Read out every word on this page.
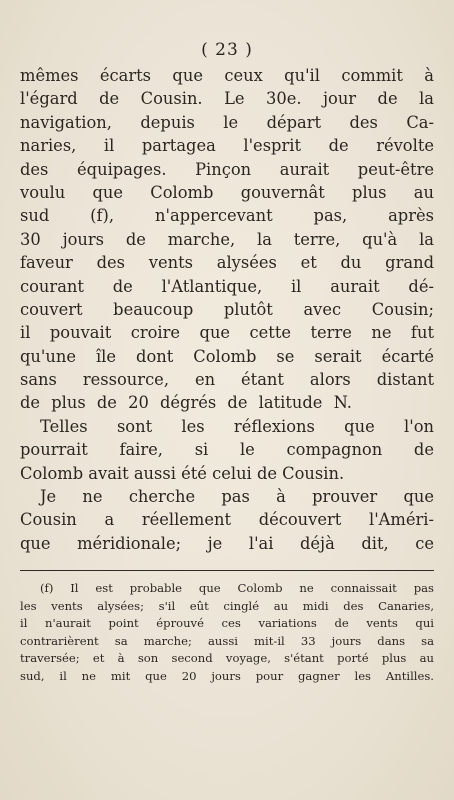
( 23 )
mêmes écarts que ceux qu'il commit à
l'égard de Cousin. Le 30e. jour de la
navigation, depuis le départ des Ca-
naries, il partagea l'esprit de révolte
des équipages. Pinçon aurait peut-être
voulu que Colomb gouvernât plus au
sud (f), n'appercevant pas, après
30 jours de marche, la terre, qu'à la
faveur des vents alysées et du grand
courant de l'Atlantique, il aurait dé-
couvert beaucoup plutôt avec Cousin;
il pouvait croire que cette terre ne fut
qu'une île dont Colomb se serait écarté
sans ressource, en étant alors distant
de plus de 20 dégrés de latitude N.
Telles sont les réflexions que l'on
pourrait faire, si le compagnon de
Colomb avait aussi été celui de Cousin.
Je ne cherche pas à prouver que
Cousin a réellement découvert l'Améri-
que méridionale; je l'ai déjà dit, ce
(f) Il est probable que Colomb ne connaissait pas
les vents alysées; s'il eût cinglé au midi des Canaries,
il n'aurait point éprouvé ces variations de vents qui
contrarièrent sa marche; aussi mit-il 33 jours dans sa
traversée; et à son second voyage, s'étant porté plus au
sud, il ne mit que 20 jours pour gagner les Antilles.
